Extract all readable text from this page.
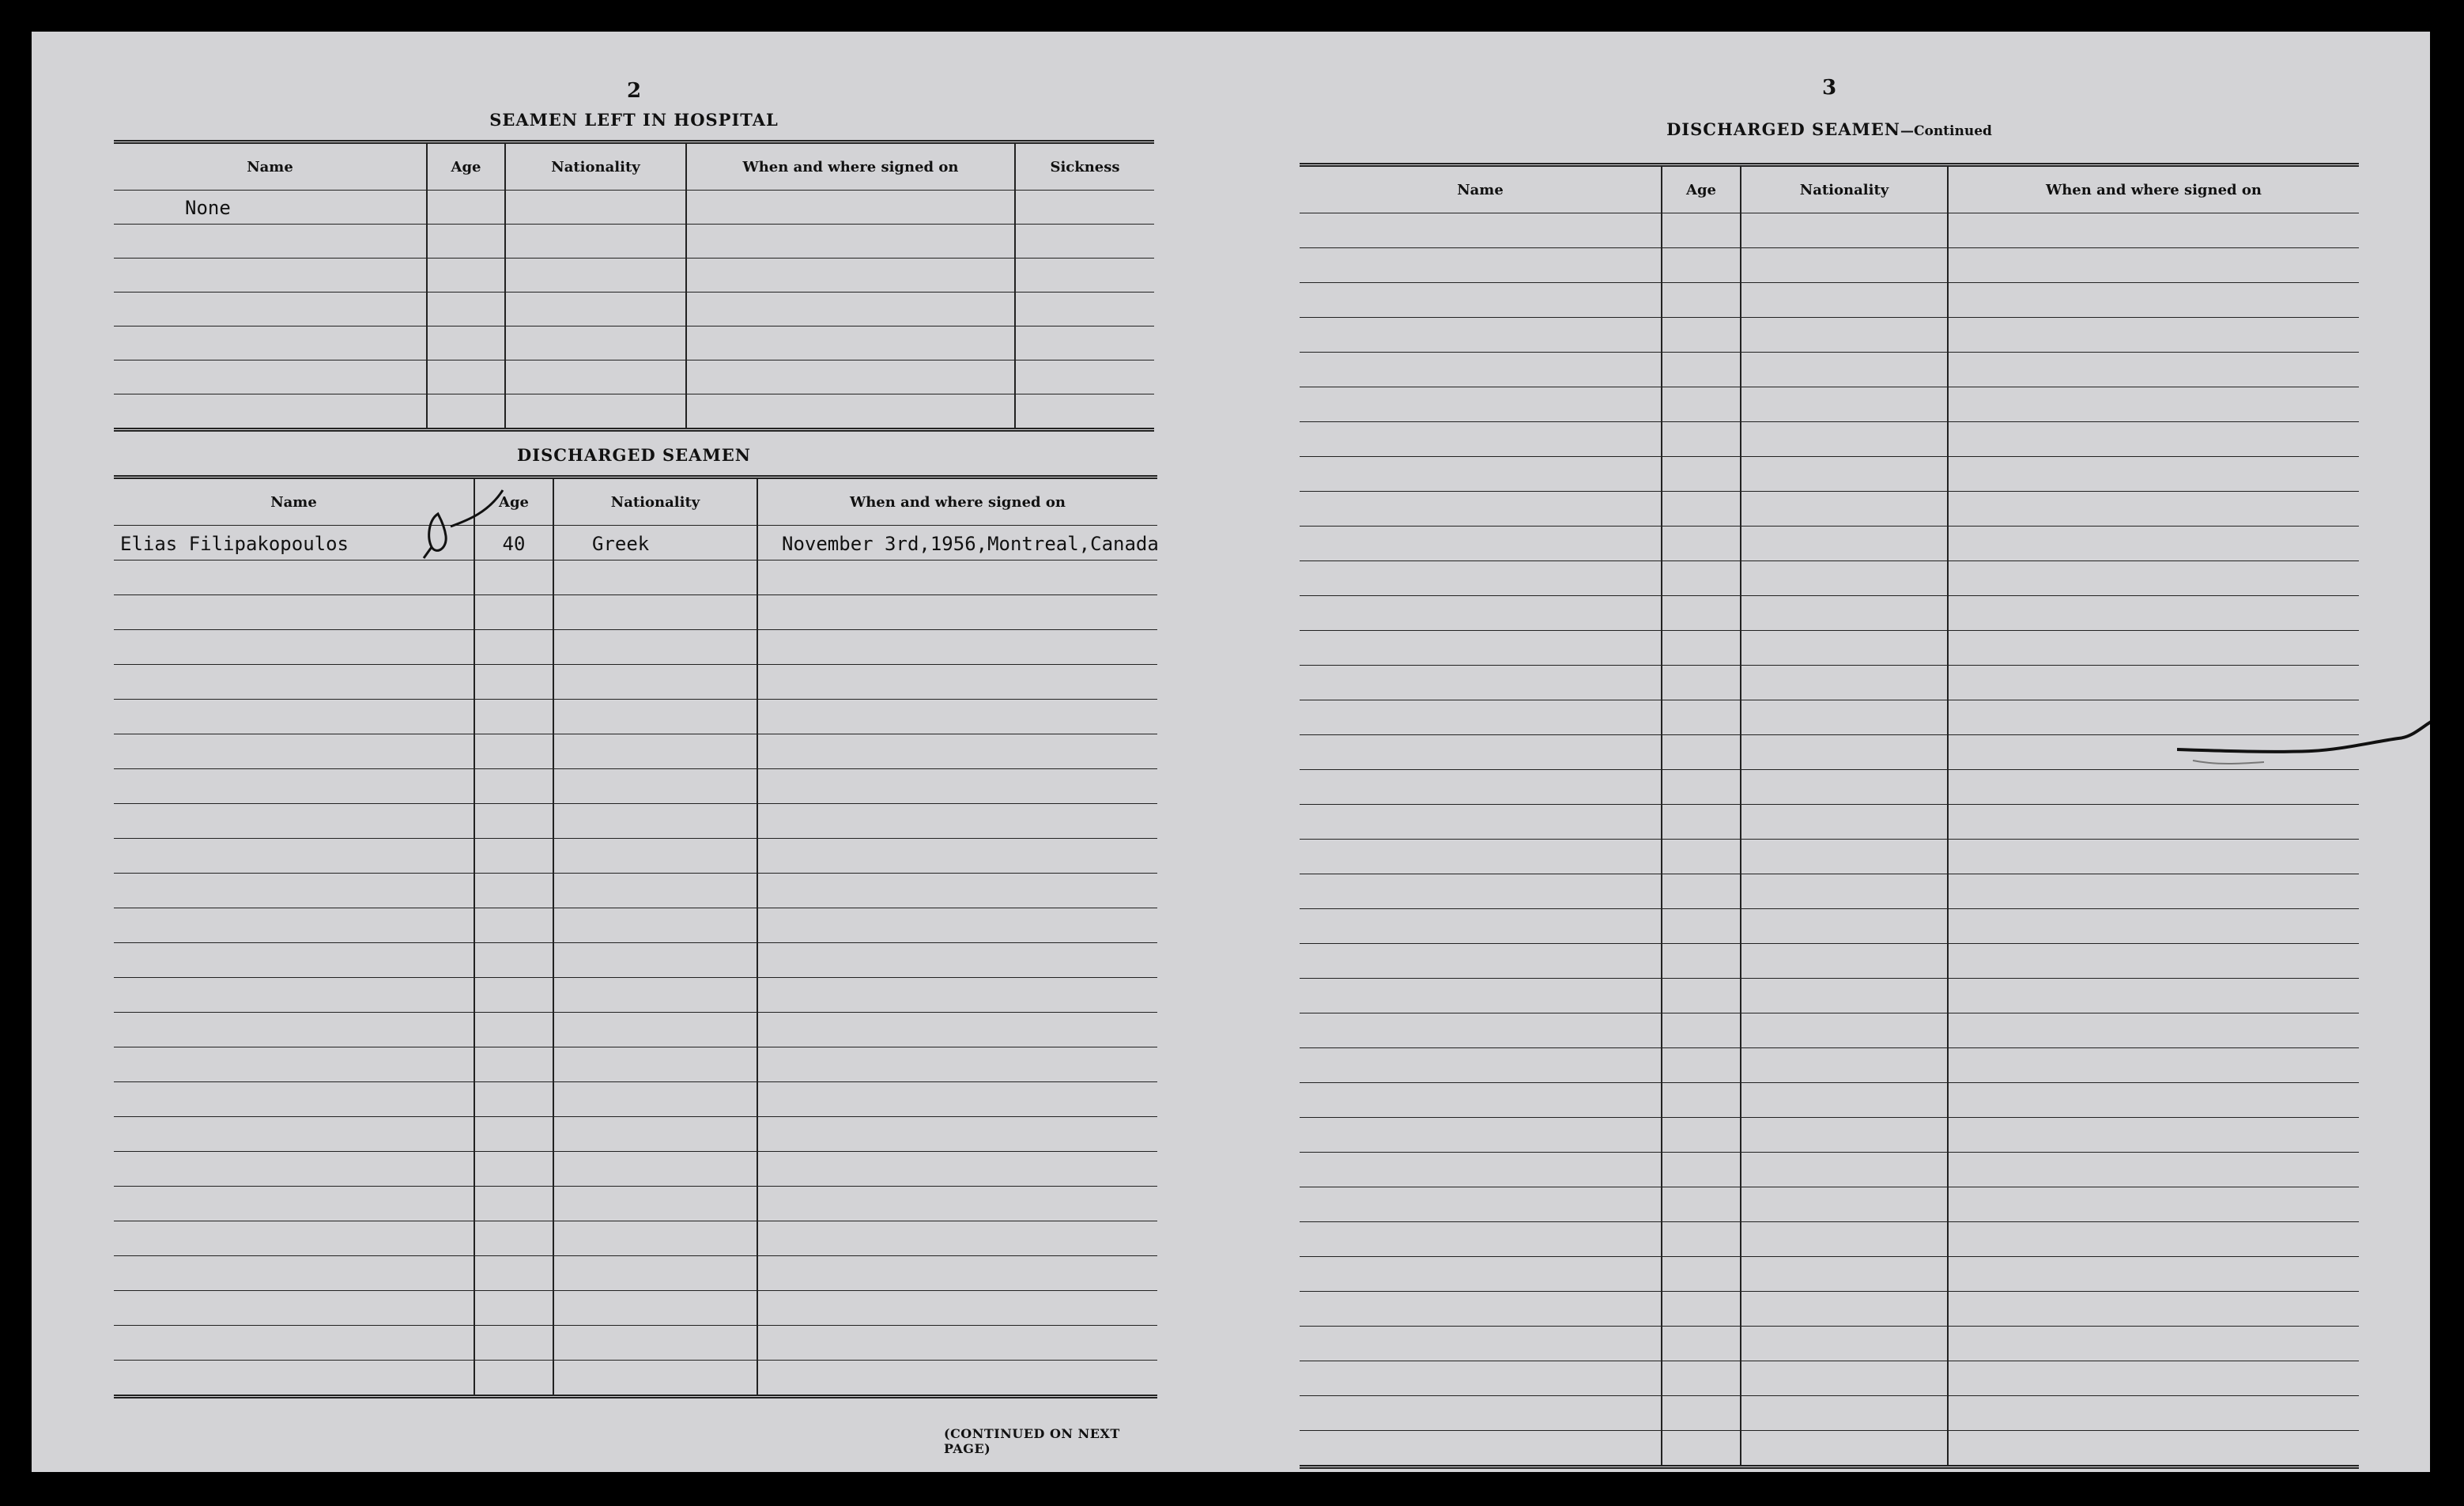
2
SEAMEN LEFT IN HOSPITAL
Name	Age	Nationality	When and where signed on	Sickness
None				

DISCHARGED SEAMEN
Name	Age	Nationality	When and where signed on
Elias Filipakopoulos	40	Greek	November 3rd,1956,Montreal,Canada

(CONTINUED ON NEXT PAGE)
3
DISCHARGED SEAMEN—Continued
Name	Age	Nationality	When and where signed on
